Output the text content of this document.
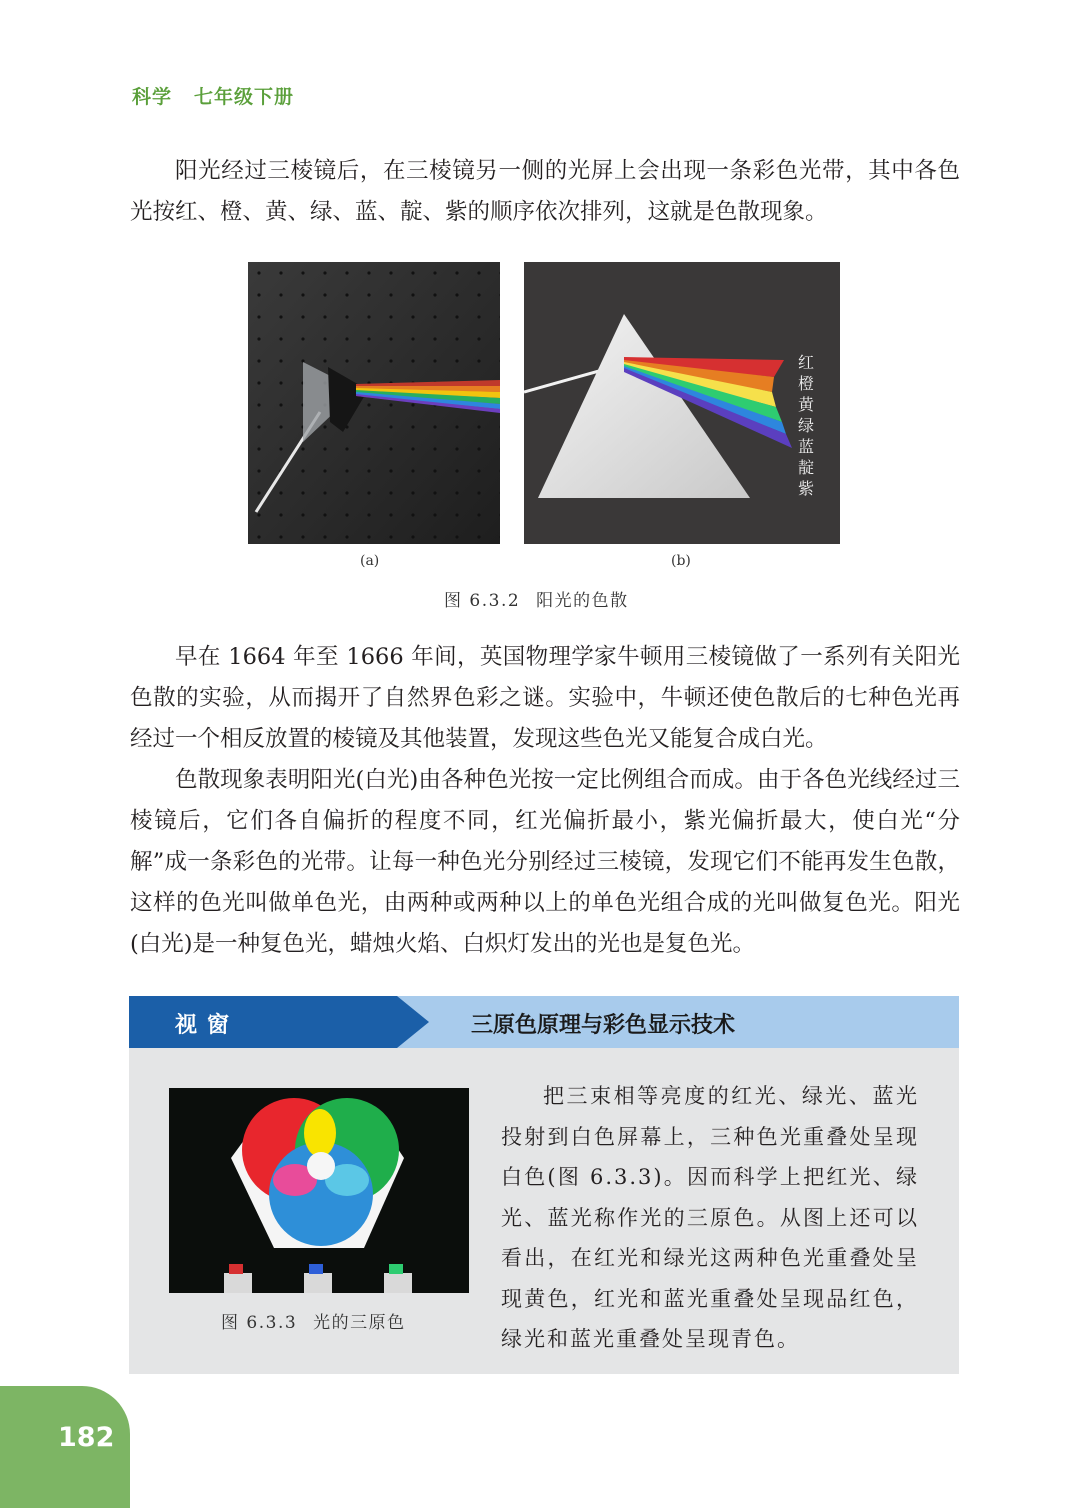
科学 七年级下册

阳光经过三棱镜后，在三棱镜另一侧的光屏上会出现一条彩色光带，其中各色光按红、橙、黄、绿、蓝、靛、紫的顺序依次排列，这就是色散现象。

红橙黄绿蓝靛紫
(a)	(b)
图 6.3.2 阳光的色散

早在 1664 年至 1666 年间，英国物理学家牛顿用三棱镜做了一系列有关阳光色散的实验，从而揭开了自然界色彩之谜。实验中，牛顿还使色散后的七种色光再经过一个相反放置的棱镜及其他装置，发现这些色光又能复合成白光。

色散现象表明阳光(白光)由各种色光按一定比例组合而成。由于各色光线经过三棱镜后，它们各自偏折的程度不同，红光偏折最小，紫光偏折最大，使白光“分解”成一条彩色的光带。让每一种色光分别经过三棱镜，发现它们不能再发生色散，这样的色光叫做单色光，由两种或两种以上的单色光组合成的光叫做复色光。阳光(白光)是一种复色光，蜡烛火焰、白炽灯发出的光也是复色光。

视窗	三原色原理与彩色显示技术
图 6.3.3 光的三原色

把三束相等亮度的红光、绿光、蓝光投射到白色屏幕上，三种色光重叠处呈现白色(图 6.3.3)。因而科学上把红光、绿光、蓝光称作光的三原色。从图上还可以看出，在红光和绿光这两种色光重叠处呈现黄色，红光和蓝光重叠处呈现品红色，绿光和蓝光重叠处呈现青色。

182
